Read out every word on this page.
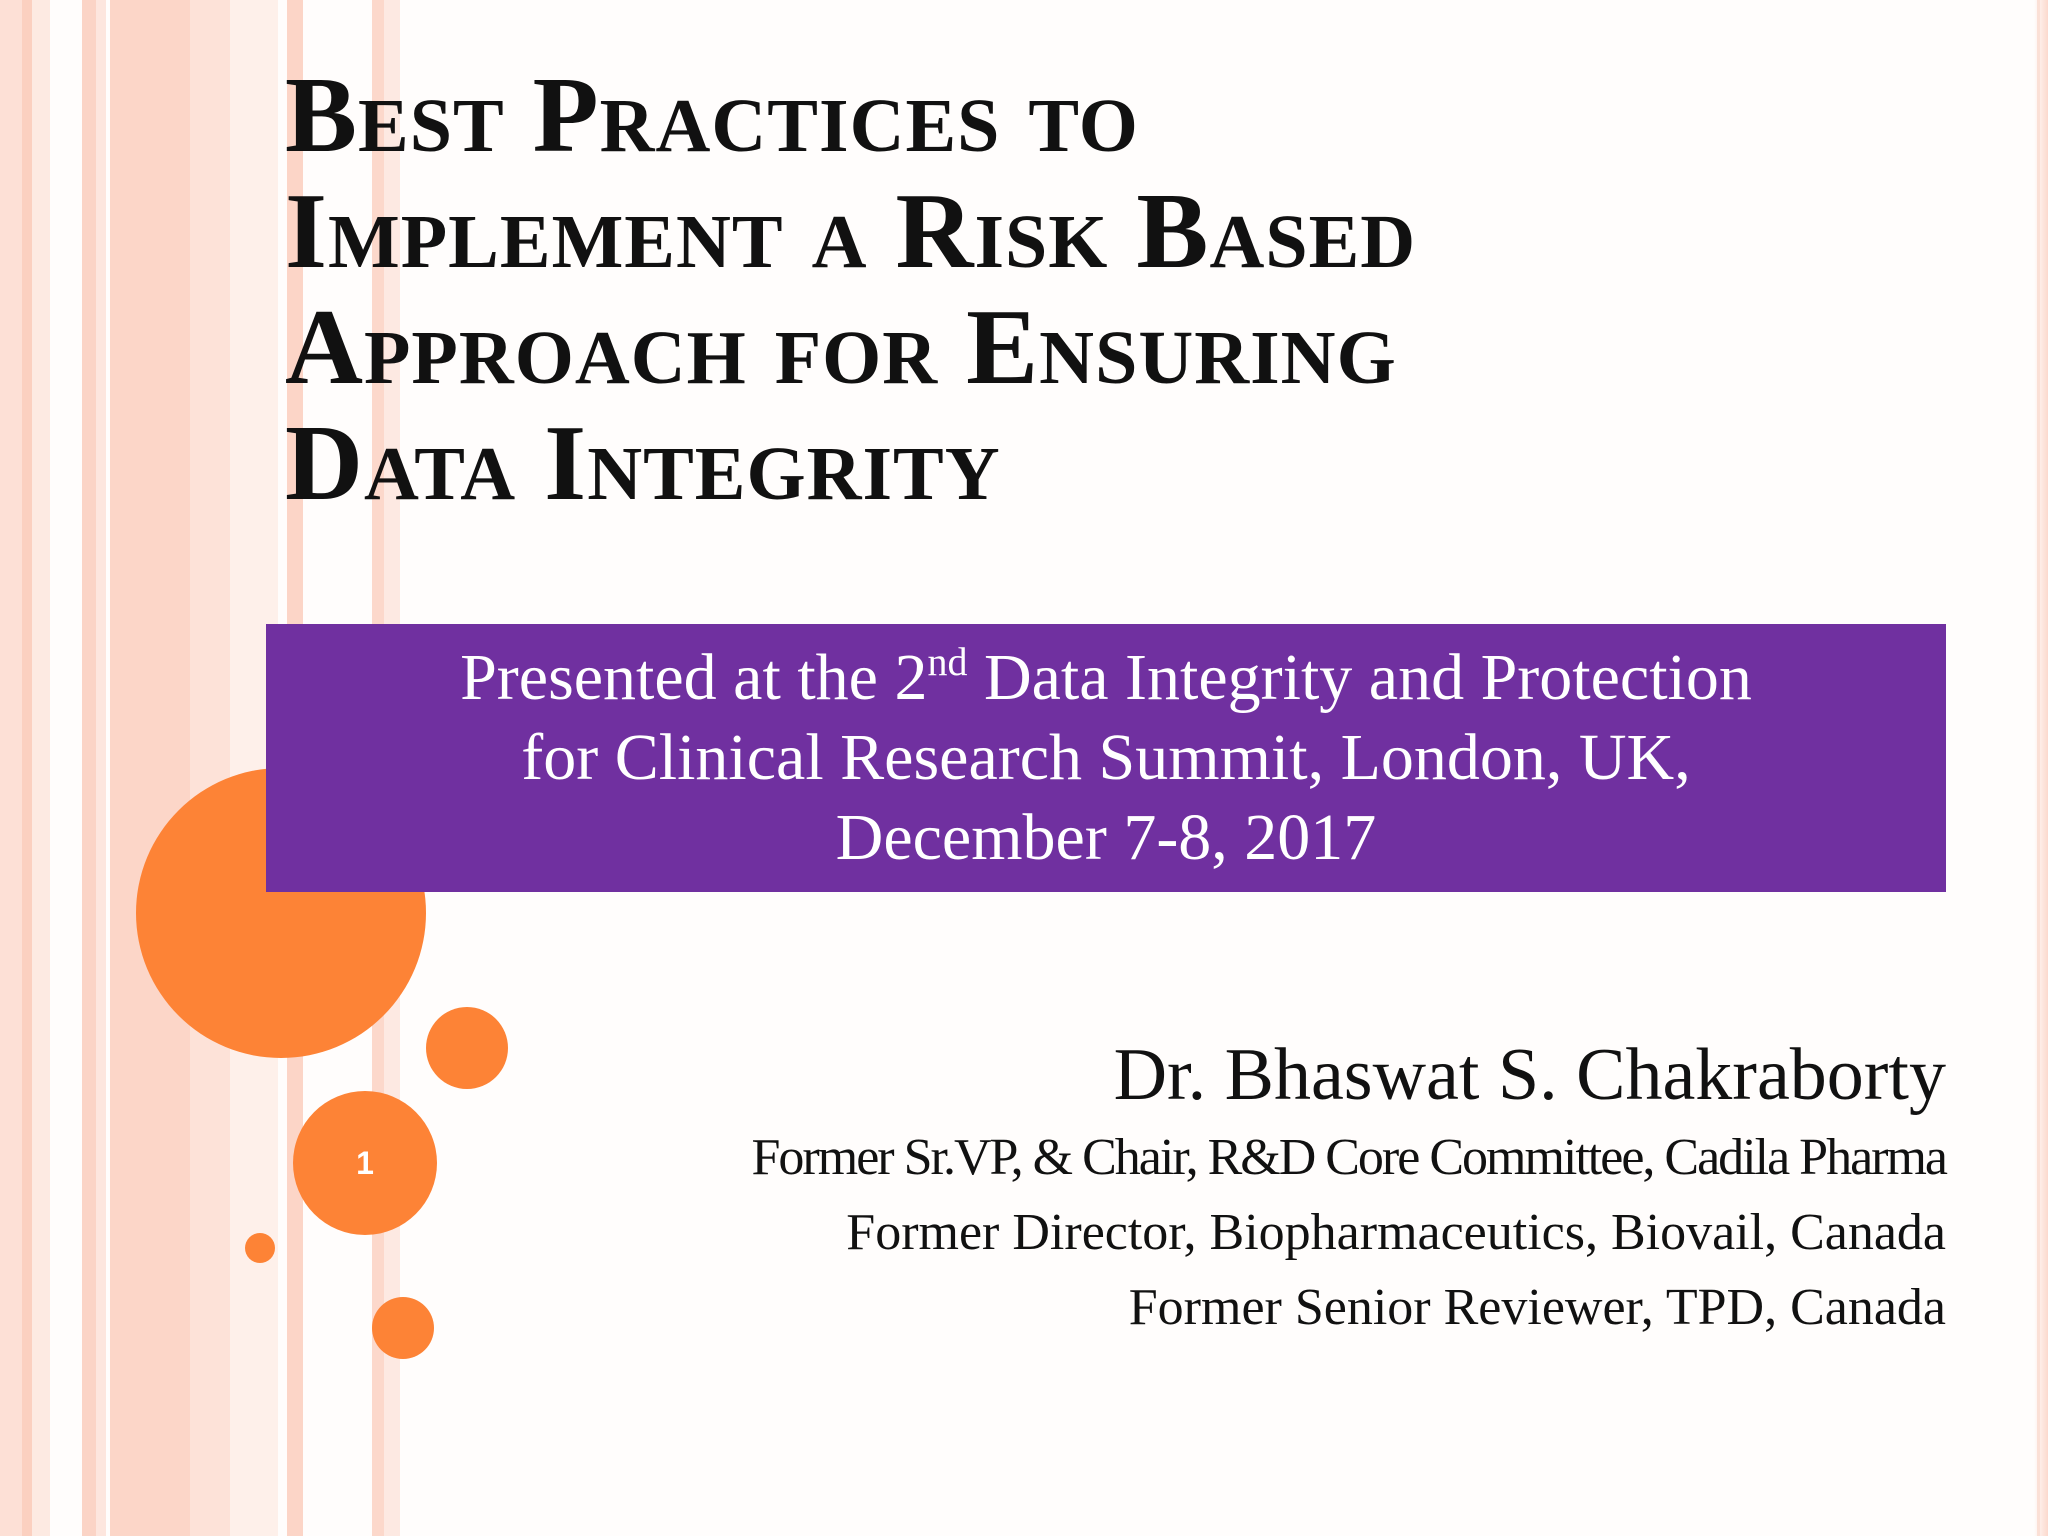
1
Best Practices to
Implement a Risk Based
Approach for Ensuring
Data Integrity
Presented at the 2nd Data Integrity and Protection
for Clinical Research Summit, London, UK,
December 7-8, 2017
Dr. Bhaswat S. Chakraborty
Former Sr.VP, & Chair, R&D Core Committee, Cadila Pharma
Former Director, Biopharmaceutics, Biovail, Canada
Former Senior Reviewer, TPD, Canada
